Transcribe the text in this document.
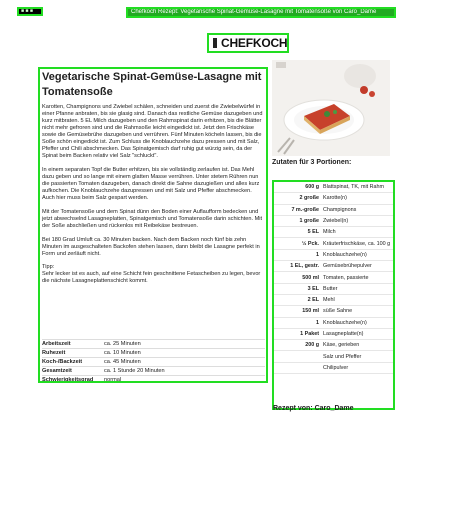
■ ■ ■	Chefkoch Rezept: Vegetarische Spinat-Gemüse-Lasagne mit Tomatensoße von Caro_Dame
CHEFKOCH
Vegetarische Spinat-Gemüse-Lasagne mit Tomatensoße

Karotten, Champignons und Zwiebel schälen, schneiden und zuerst die Zwiebelwürfel in einer Pfanne anbraten, bis sie glasig sind. Danach das restliche Gemüse dazugeben und kurz mitbraten. 5 EL Milch dazugeben und den Rahmspinat darin erhitzen, bis die Blätter nicht mehr gefroren sind und die Rahmsoße leicht eingedickt ist. Jetzt den Frischkäse sowie die Gemüsebrühe dazugeben und verrühren. Fünf Minuten köcheln lassen, bis die Soße schön eingedickt ist. Zum Schluss die Knoblauchzehe dazu pressen und mit Salz, Pfeffer und Chili abschmecken. Das Spinatgemisch darf ruhig gut würzig sein, da der Spinat beim Backen relativ viel Salz "schluckt".

In einem separaten Topf die Butter erhitzen, bis sie vollständig zerlaufen ist. Das Mehl dazu geben und so lange mit einem glatten Masse verrühren. Unter stetem Rühren nun die passierten Tomaten dazugeben, danach direkt die Sahne dazugießen und alles kurz aufkochen. Die Knoblauchzehe dazupressen und mit Salz und Pfeffer abschmecken. Auch hier muss beim Salz gespart werden.

Mit der Tomatensoße und dem Spinat dünn den Boden einer Auflaufform bedecken und jetzt abwechselnd Lasagneplatten, Spinatgemisch und Tomatensoße darin schichten. Mit der Soße abschließen und rückenlos mit Reibekäse bestreuen.

Bei 180 Grad Umluft ca. 30 Minuten backen. Nach dem Backen noch fünf bis zehn Minuten im ausgeschalteten Backofen stehen lassen, dann bleibt die Lasagne perfekt in Form und zerläuft nicht.

Tipp:

Sehr lecker ist es auch, auf eine Schicht fein geschnittene Fetascheiben zu legen, bevor die nächste Lasagneplattenschicht kommt.

Arbeitszeit	ca. 25 Minuten
Ruhezeit	ca. 10 Minuten
Koch-/Backzeit	ca. 45 Minuten
Gesamtzeit	ca. 1 Stunde 20 Minuten
Schwierigkeitsgrad	normal
Zutaten für 3 Portionen:
600 g Blattspinat, TK, mit Rahm
2 große Karotte(n)
7 m.-große Champignons
1 große Zwiebel(n)
5 EL Milch
½ Pck. Kräuterfrischkäse, ca. 100 g
1 Knoblauchzehe(n)
1 EL, gestr. Gemüsebrühepulver
500 ml Tomaten, passierte
3 EL Butter
2 EL Mehl
150 ml süße Sahne
1 Knoblauchzehe(n)
1 Paket Lasagneplatte(n)
200 g Käse, gerieben
Salz und Pfeffer
Chilipulver
Rezept von: Caro_Dame
